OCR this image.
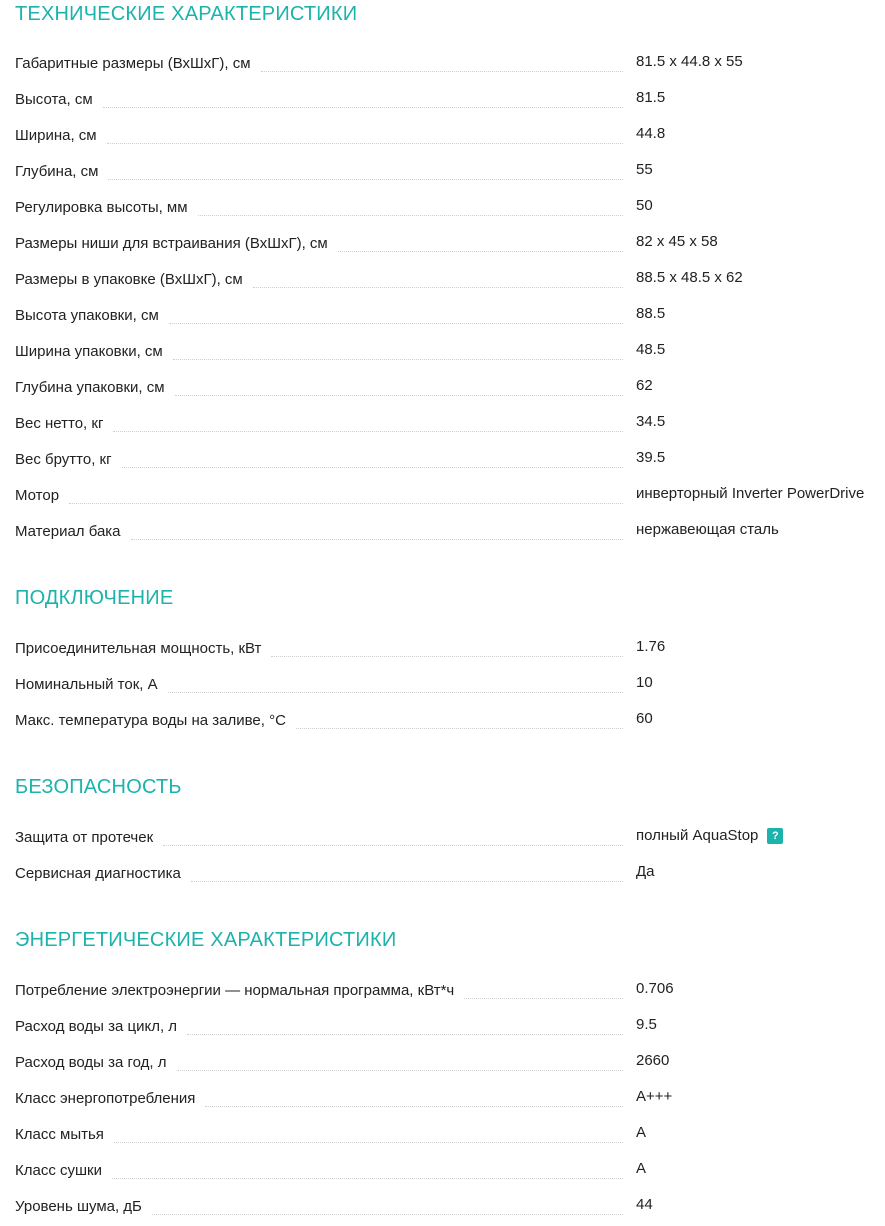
ТЕХНИЧЕСКИЕ ХАРАКТЕРИСТИКИ
Габаритные размеры (ВхШхГ), см	81.5 x 44.8 x 55
Высота, см	81.5
Ширина, см	44.8
Глубина, см	55
Регулировка высоты, мм	50
Размеры ниши для встраивания (ВхШхГ), см	82 x 45 x 58
Размеры в упаковке (ВхШхГ), см	88.5 x 48.5 x 62
Высота упаковки, см	88.5
Ширина упаковки, см	48.5
Глубина упаковки, см	62
Вес нетто, кг	34.5
Вес брутто, кг	39.5
Мотор	инверторный Inverter PowerDrive
Материал бака	нержавеющая сталь
ПОДКЛЮЧЕНИЕ
Присоединительная мощность, кВт	1.76
Номинальный ток, А	10
Макс. температура воды на заливе, °С	60
БЕЗОПАСНОСТЬ
Защита от протечек	полный AquaStop ?
Сервисная диагностика	Да
ЭНЕРГЕТИЧЕСКИЕ ХАРАКТЕРИСТИКИ
Потребление электроэнергии — нормальная программа, кВт*ч	0.706
Расход воды за цикл, л	9.5
Расход воды за год, л	2660
Класс энергопотребления	A+++
Класс мытья	A
Класс сушки	A
Уровень шума, дБ	44
